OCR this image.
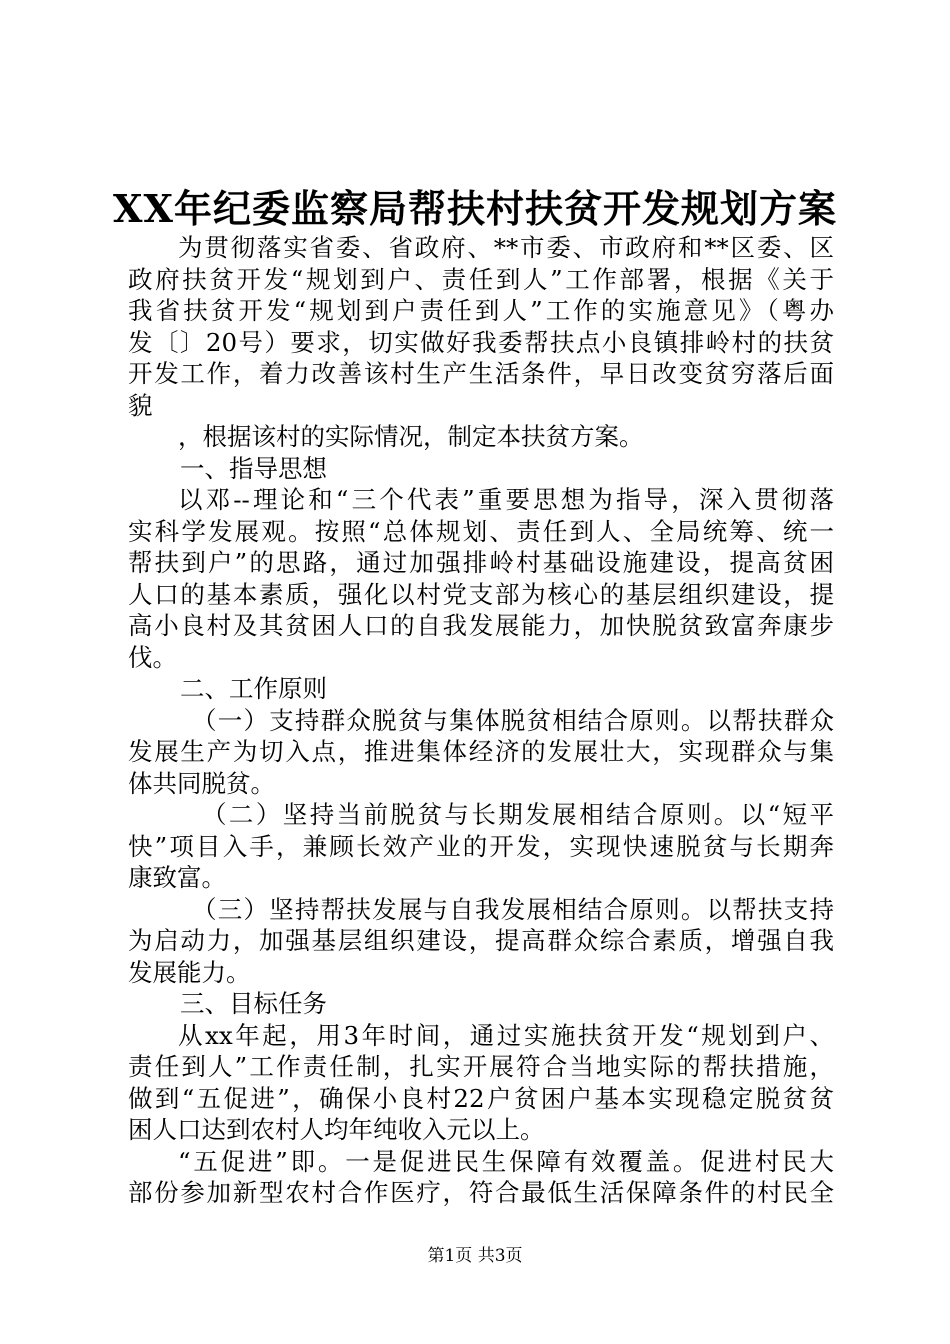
XX年纪委监察局帮扶村扶贫开发规划方案
为贯彻落实省委、省政府、**市委、市政府和**区委、区
政府扶贫开发“规划到户、责任到人”工作部署，根据《关于
我省扶贫开发“规划到户责任到人”工作的实施意见》（粤办
发〔〕20号）要求，切实做好我委帮扶点小良镇排岭村的扶贫
开发工作，着力改善该村生产生活条件，早日改变贫穷落后面
貌
，根据该村的实际情况，制定本扶贫方案。
一、指导思想
以邓--理论和“三个代表”重要思想为指导，深入贯彻落
实科学发展观。按照“总体规划、责任到人、全局统筹、统一
帮扶到户”的思路，通过加强排岭村基础设施建设，提高贫困
人口的基本素质，强化以村党支部为核心的基层组织建设，提
高小良村及其贫困人口的自我发展能力，加快脱贫致富奔康步
伐。
二、工作原则
（一）支持群众脱贫与集体脱贫相结合原则。以帮扶群众
发展生产为切入点，推进集体经济的发展壮大，实现群众与集
体共同脱贫。
（二）坚持当前脱贫与长期发展相结合原则。以“短平
快”项目入手，兼顾长效产业的开发，实现快速脱贫与长期奔
康致富。
（三）坚持帮扶发展与自我发展相结合原则。以帮扶支持
为启动力，加强基层组织建设，提高群众综合素质，增强自我
发展能力。
三、目标任务
从xx年起，用3年时间，通过实施扶贫开发“规划到户、
责任到人”工作责任制，扎实开展符合当地实际的帮扶措施，
做到“五促进”，确保小良村22户贫困户基本实现稳定脱贫贫
困人口达到农村人均年纯收入元以上。
“五促进”即。一是促进民生保障有效覆盖。促进村民大
部份参加新型农村合作医疗，符合最低生活保障条件的村民全
第1页 共3页
